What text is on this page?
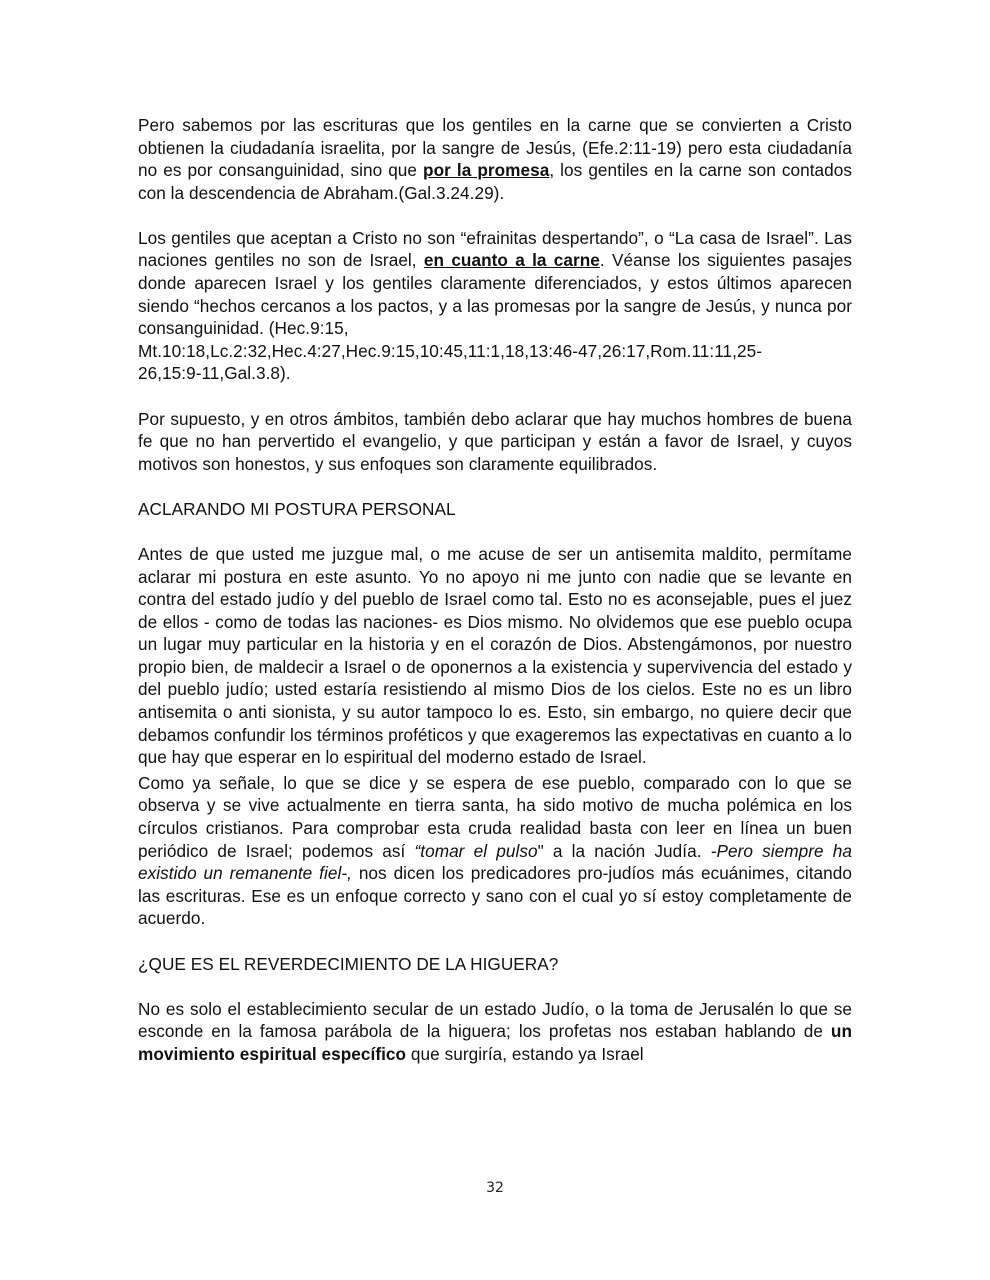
Pero sabemos por las escrituras que los gentiles en la carne que se convierten a Cristo obtienen la ciudadanía israelita, por la sangre de Jesús, (Efe.2:11-19) pero esta ciudadanía no es por consanguinidad, sino que por la promesa, los gentiles en la carne son contados con la descendencia de Abraham.(Gal.3.24.29).

Los gentiles que aceptan a Cristo no son “efrainitas despertando”, o “La casa de Israel”. Las naciones gentiles no son de Israel, en cuanto a la carne. Véanse los siguientes pasajes donde aparecen Israel y los gentiles claramente diferenciados, y estos últimos aparecen siendo “hechos cercanos a los pactos, y a las promesas por la sangre de Jesús, y nunca por consanguinidad. (Hec.9:15,

Mt.10:18,Lc.2:32,Hec.4:27,Hec.9:15,10:45,11:1,18,13:46-47,26:17,Rom.11:11,25-

26,15:9-11,Gal.3.8).

Por supuesto, y en otros ámbitos, también debo aclarar que hay muchos hombres de buena fe que no han pervertido el evangelio, y que participan y están a favor de Israel, y cuyos motivos son honestos, y sus enfoques son claramente equilibrados.

ACLARANDO MI POSTURA PERSONAL

Antes de que usted me juzgue mal, o me acuse de ser un antisemita maldito, permítame aclarar mi postura en este asunto. Yo no apoyo ni me junto con nadie que se levante en contra del estado judío y del pueblo de Israel como tal. Esto no es aconsejable, pues el juez de ellos - como de todas las naciones- es Dios mismo. No olvidemos que ese pueblo ocupa un lugar muy particular en la historia y en el corazón de Dios. Abstengámonos, por nuestro propio bien, de maldecir a Israel o de oponernos a la existencia y supervivencia del estado y del pueblo judío; usted estaría resistiendo al mismo Dios de los cielos. Este no es un libro antisemita o anti sionista, y su autor tampoco lo es. Esto, sin embargo, no quiere decir que debamos confundir los términos proféticos y que exageremos las expectativas en cuanto a lo que hay que esperar en lo espiritual del moderno estado de Israel.

Como ya señale, lo que se dice y se espera de ese pueblo, comparado con lo que se observa y se vive actualmente en tierra santa, ha sido motivo de mucha polémica en los círculos cristianos. Para comprobar esta cruda realidad basta con leer en línea un buen periódico de Israel; podemos así “tomar el pulso" a la nación Judía. -Pero siempre ha existido un remanente fiel-, nos dicen los predicadores pro-judíos más ecuánimes, citando las escrituras. Ese es un enfoque correcto y sano con el cual yo sí estoy completamente de acuerdo.

¿QUE ES EL REVERDECIMIENTO DE LA HIGUERA?

No es solo el establecimiento secular de un estado Judío, o la toma de Jerusalén lo que se esconde en la famosa parábola de la higuera; los profetas nos estaban hablando de un movimiento espiritual específico que surgiría, estando ya Israel

32
